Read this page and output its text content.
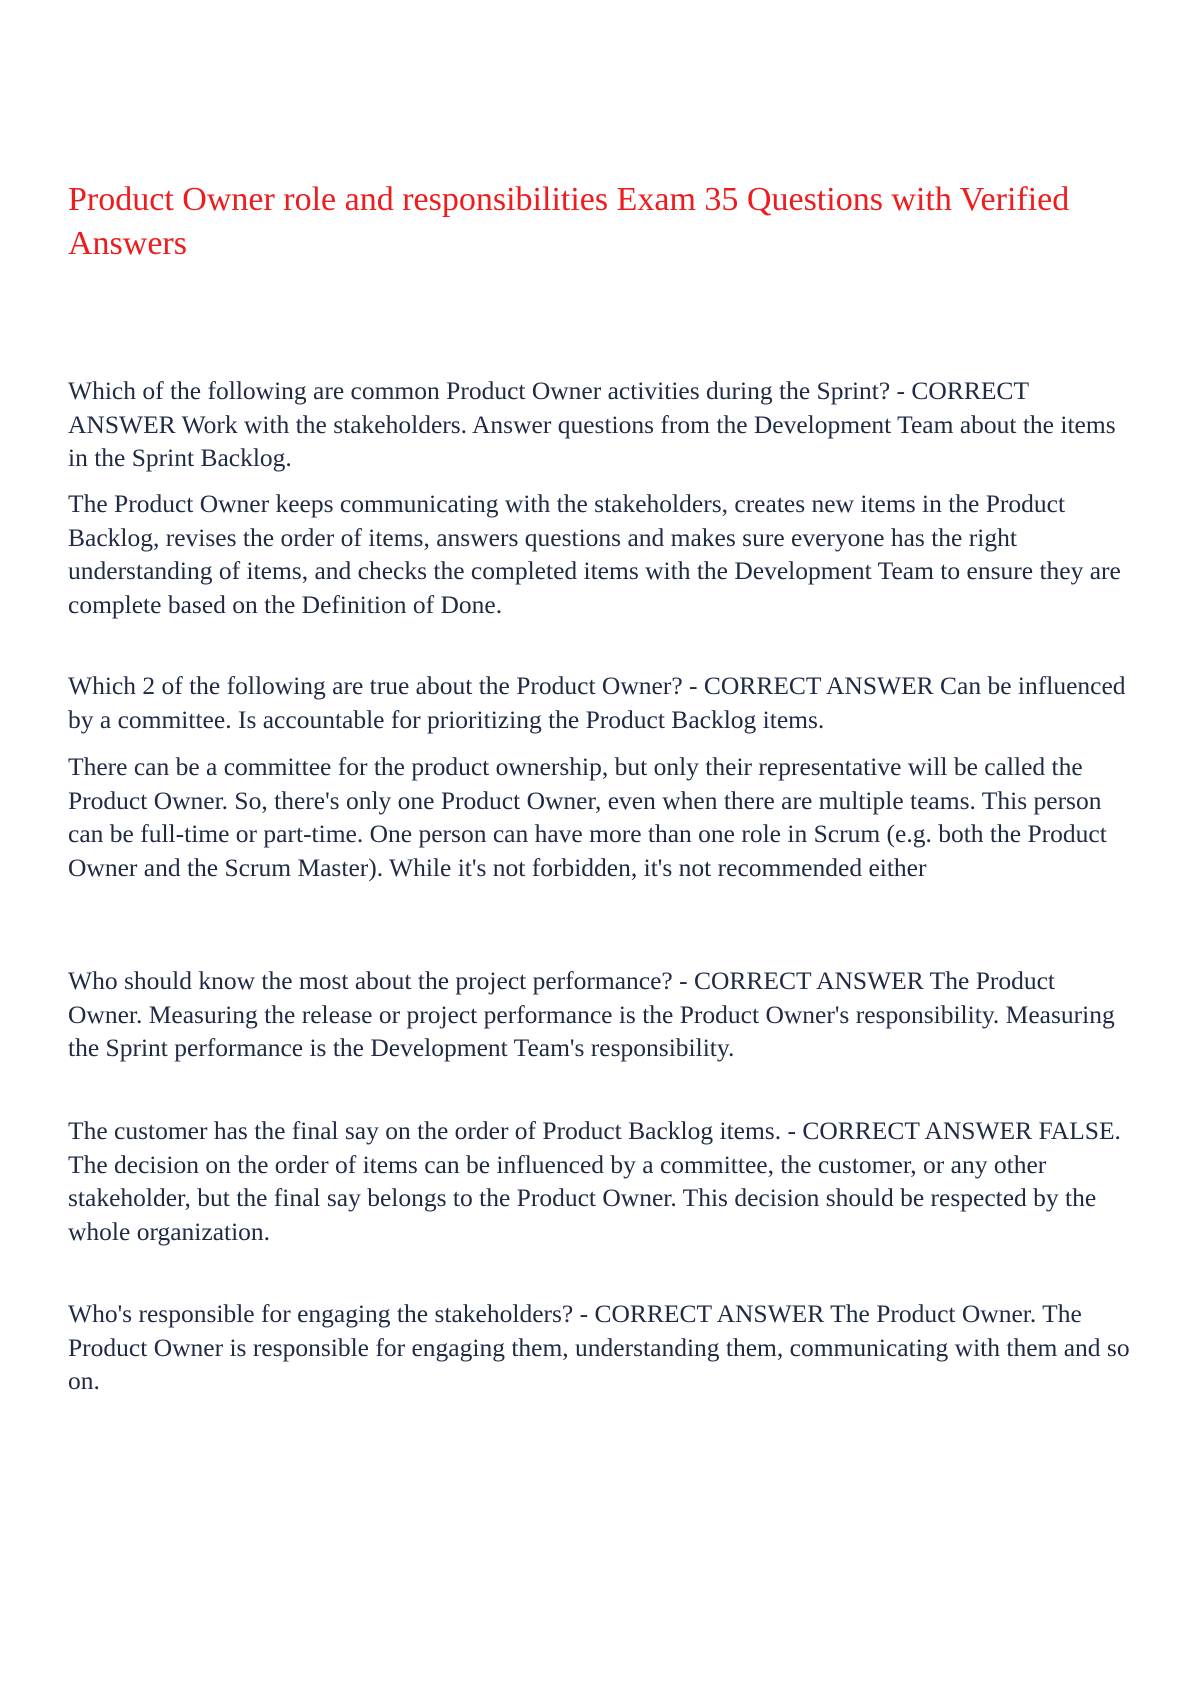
Product Owner role and responsibilities Exam 35 Questions with Verified Answers

Which of the following are common Product Owner activities during the Sprint? - CORRECT ANSWER Work with the stakeholders. Answer questions from the Development Team about the items in the Sprint Backlog.

The Product Owner keeps communicating with the stakeholders, creates new items in the Product Backlog, revises the order of items, answers questions and makes sure everyone has the right understanding of items, and checks the completed items with the Development Team to ensure they are complete based on the Definition of Done.

Which 2 of the following are true about the Product Owner? - CORRECT ANSWER Can be influenced by a committee. Is accountable for prioritizing the Product Backlog items.

There can be a committee for the product ownership, but only their representative will be called the Product Owner. So, there's only one Product Owner, even when there are multiple teams. This person can be full-time or part-time. One person can have more than one role in Scrum (e.g. both the Product Owner and the Scrum Master). While it's not forbidden, it's not recommended either

Who should know the most about the project performance? - CORRECT ANSWER The Product Owner. Measuring the release or project performance is the Product Owner's responsibility. Measuring the Sprint performance is the Development Team's responsibility.

The customer has the final say on the order of Product Backlog items. - CORRECT ANSWER FALSE. The decision on the order of items can be influenced by a committee, the customer, or any other stakeholder, but the final say belongs to the Product Owner. This decision should be respected by the whole organization.

Who's responsible for engaging the stakeholders? - CORRECT ANSWER The Product Owner. The Product Owner is responsible for engaging them, understanding them, communicating with them and so on.
